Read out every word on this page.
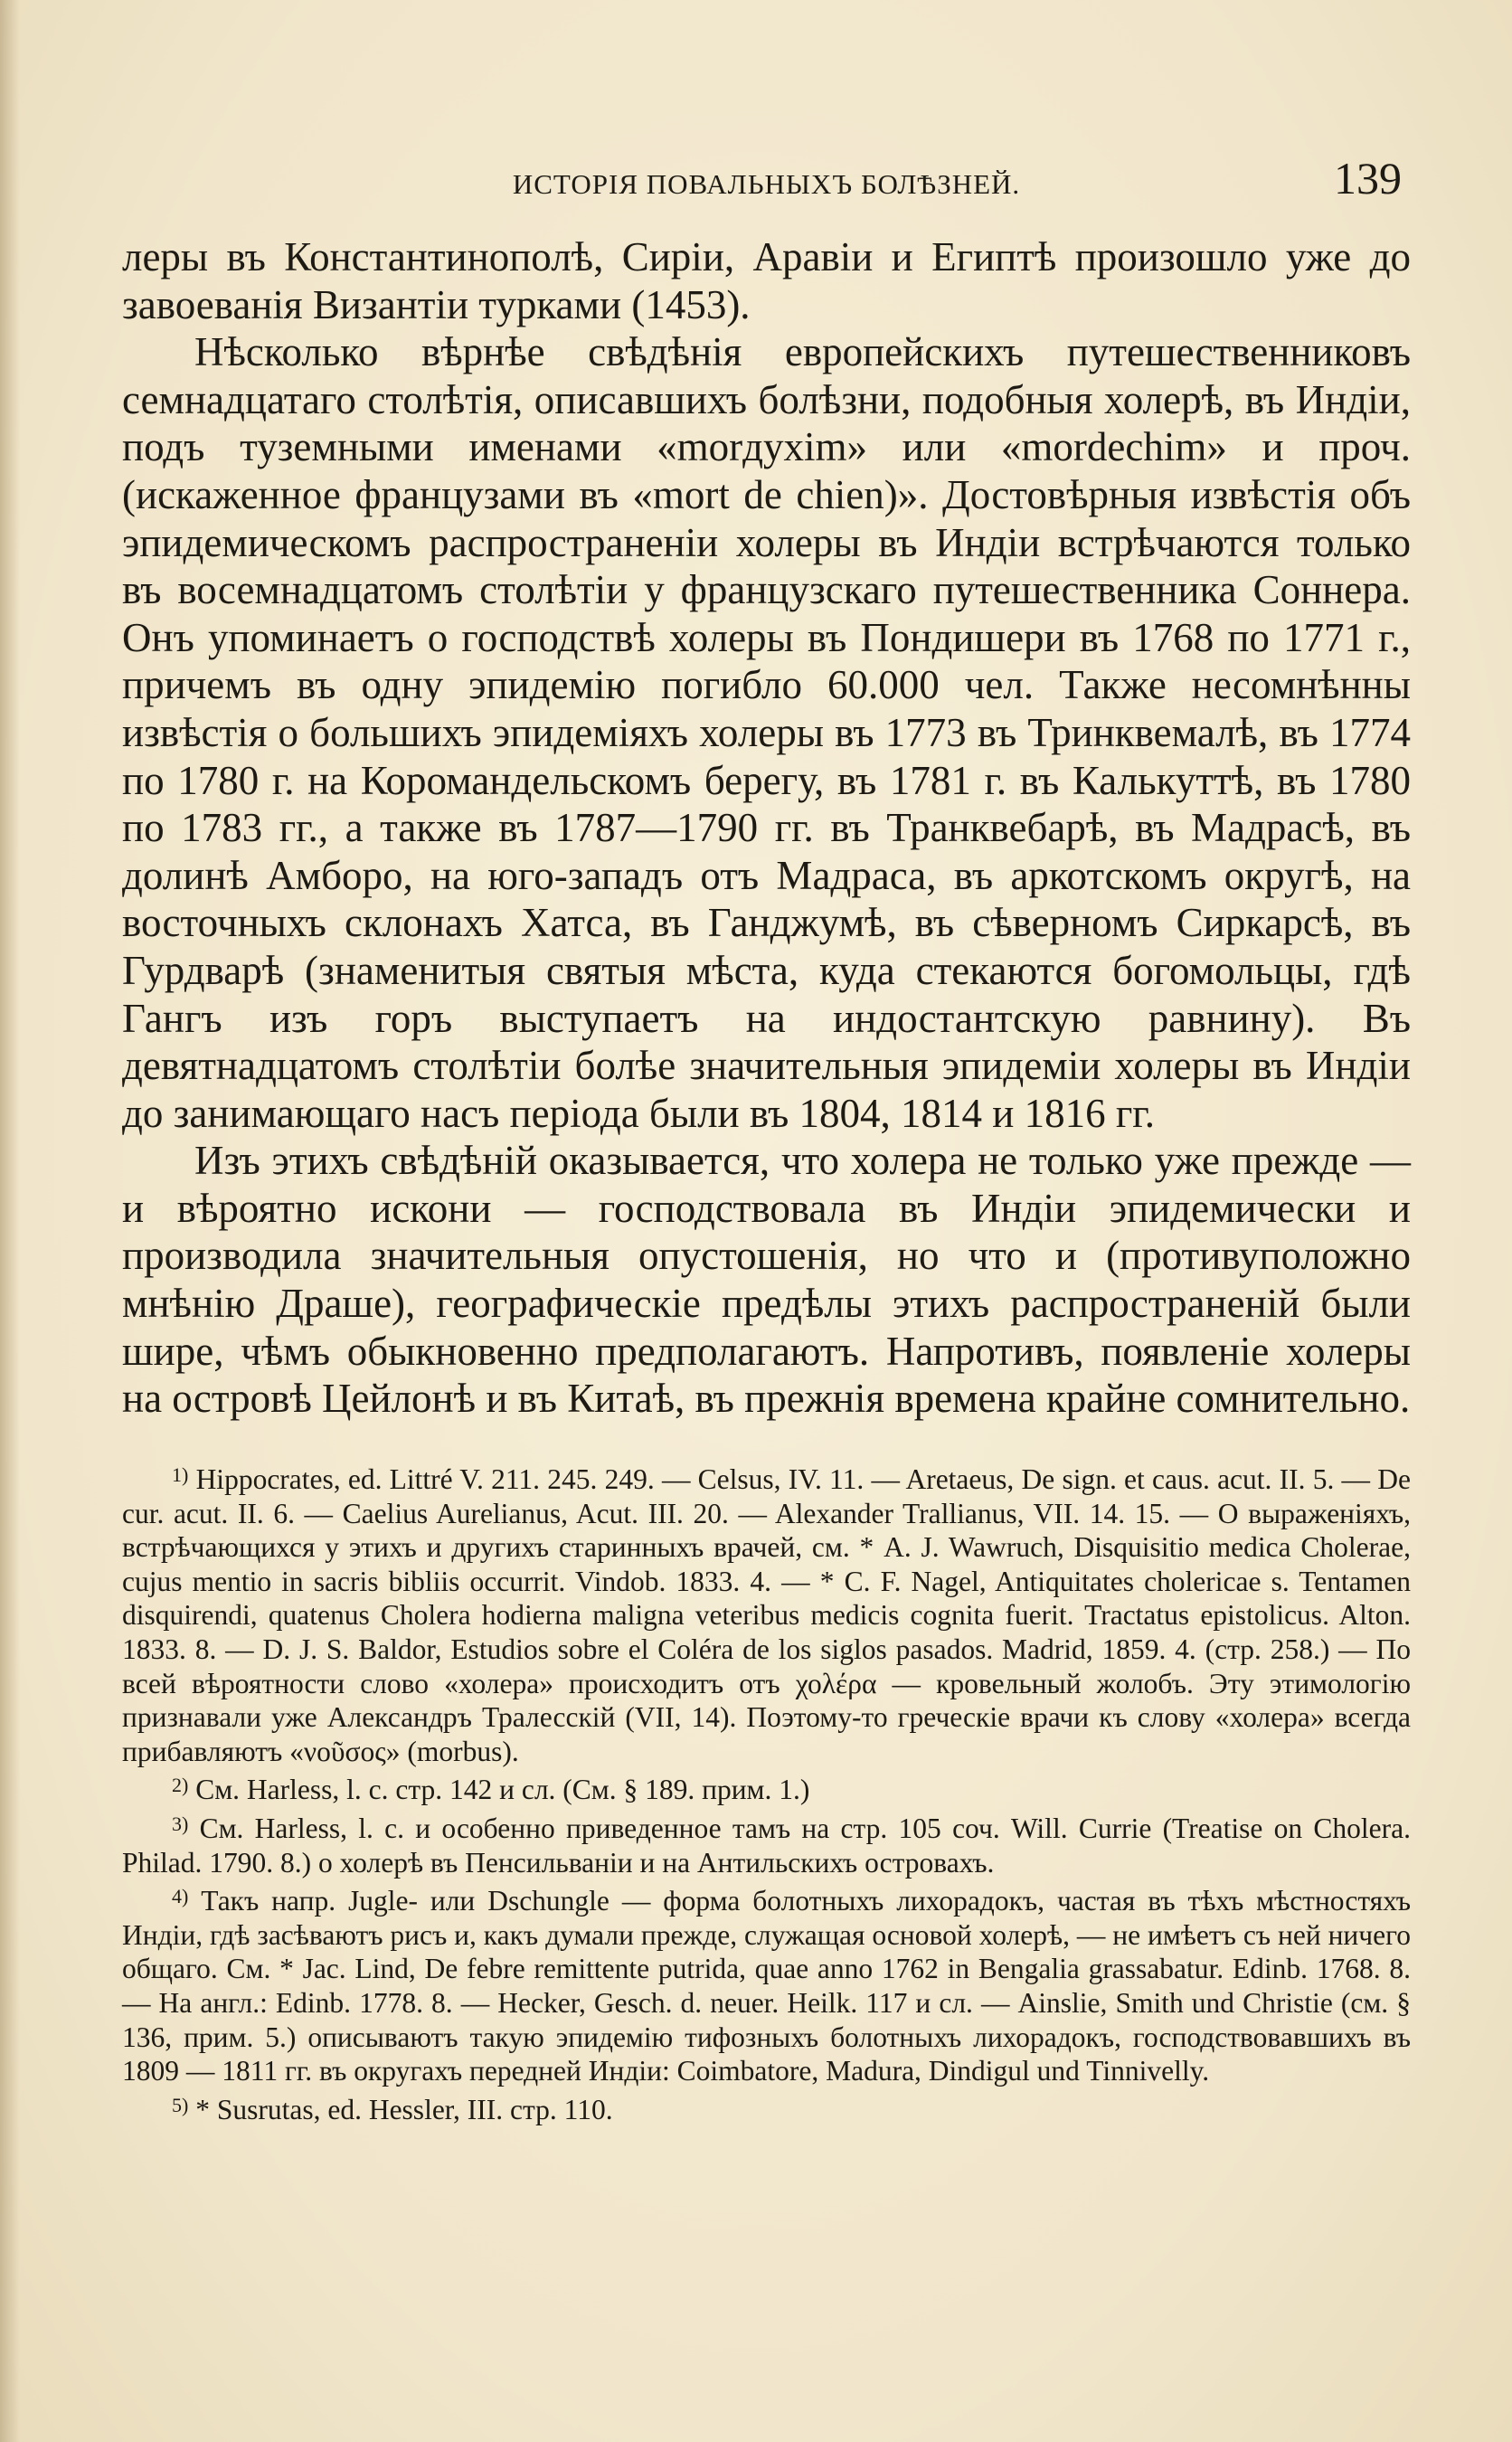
ИСТОРІЯ ПОВАЛЬНЫХЪ БОЛѢЗНЕЙ.	139

леры въ Константинополѣ, Сиріи, Аравіи и Египтѣ произошло уже до завоеванія Византіи турками (1453).

Нѣсколько вѣрнѣе свѣдѣнія европейскихъ путешественниковъ семнадцатаго столѣтія, описавшихъ болѣзни, подобныя холерѣ, въ Индіи, подъ туземными именами «morдyxim» или «mordechim» и проч. (искаженное французами въ «mort de chien)». Достовѣрныя извѣстія объ эпидемическомъ распространеніи холеры въ Индіи встрѣчаются только въ восемнадцатомъ столѣтіи у французскаго путешественника Соннера. Онъ упоминаетъ о господствѣ холеры въ Пондишери въ 1768 по 1771 г., причемъ въ одну эпидемію погибло 60.000 чел. Также несомнѣнны извѣстія о большихъ эпидеміяхъ холеры въ 1773 въ Тринквемалѣ, въ 1774 по 1780 г. на Коромандельскомъ берегу, въ 1781 г. въ Калькуттѣ, въ 1780 по 1783 гг., а также въ 1787—1790 гг. въ Транквебарѣ, въ Мадрасѣ, въ долинѣ Амборо, на юго-западъ отъ Мадраса, въ аркотскомъ округѣ, на восточныхъ склонахъ Хатса, въ Ганджумѣ, въ сѣверномъ Сиркарсѣ, въ Гурдварѣ (знаменитыя святыя мѣста, куда стекаются богомольцы, гдѣ Гангъ изъ горъ выступаетъ на индостантскую равнину). Въ девятнадцатомъ столѣтіи болѣе значительныя эпидеміи холеры въ Индіи до занимающаго насъ періода были въ 1804, 1814 и 1816 гг.

Изъ этихъ свѣдѣній оказывается, что холера не только уже прежде — и вѣроятно искони — господствовала въ Индіи эпидемически и производила значительныя опустошенія, но что и (противуположно мнѣнію Драше), географическіе предѣлы этихъ распространеній были шире, чѣмъ обыкновенно предполагаютъ. Напротивъ, появленіе холеры на островѣ Цейлонѣ и въ Китаѣ, въ прежнія времена крайне сомнительно.

$^{1)}$ Hippocrates, ed. Littré V. 211. 245. 249. — Celsus, IV. 11. — Aretaeus, De sign. et caus. acut. II. 5. — De cur. acut. II. 6. — Caelius Aurelianus, Acut. III. 20. — Alexander Trallianus, VII. 14. 15. — О выраженіяхъ, встрѣчающихся у этихъ и другихъ старинныхъ врачей, см. * A. J. Wawruch, Disquisitio medica Cholerae, cujus mentio in sacris bibliis occurrit. Vindob. 1833. 4. — * C. F. Nagel, Antiquitates cholericae s. Tentamen disquirendi, quatenus Cholera hodierna maligna veteribus medicis cognita fuerit. Tractatus epistolicus. Alton. 1833. 8. — D. J. S. Baldor, Estudios sobre el Coléra de los siglos pasados. Madrid, 1859. 4. (стр. 258.) — По всей вѣроятности слово «холера» происходитъ отъ χολέρα — кровельный жолобъ. Эту этимологію признавали уже Александръ Тралесскій (VII, 14). Поэтому-то греческіе врачи къ слову «холера» всегда прибавляютъ «νοῦσος» (morbus).

$^{2)}$ См. Harless, l. c. стр. 142 и сл. (См. § 189. прим. 1.)

$^{3)}$ См. Harless, l. c. и особенно приведенное тамъ на стр. 105 соч. Will. Currie (Treatise on Cholera. Philad. 1790. 8.) о холерѣ въ Пенсильваніи и на Антильскихъ островахъ.

$^{4)}$ Такъ напр. Jugle- или Dschungle — форма болотныхъ лихорадокъ, частая въ тѣхъ мѣстностяхъ Индіи, гдѣ засѣваютъ рисъ и, какъ думали прежде, служащая основой холерѣ, — не имѣетъ съ ней ничего общаго. См. * Jac. Lind, De febre remittente putrida, quae anno 1762 in Bengalia grassabatur. Edinb. 1768. 8. — На англ.: Edinb. 1778. 8. — Hecker, Gesch. d. neuer. Heilk. 117 и сл. — Ainslie, Smith und Christie (см. § 136, прим. 5.) описываютъ такую эпидемію тифозныхъ болотныхъ лихорадокъ, господствовавшихъ въ 1809 — 1811 гг. въ округахъ передней Индіи: Coimbatore, Madura, Dindigul und Tinnivelly.

$^{5)}$ * Susrutas, ed. Hessler, III. стр. 110.
